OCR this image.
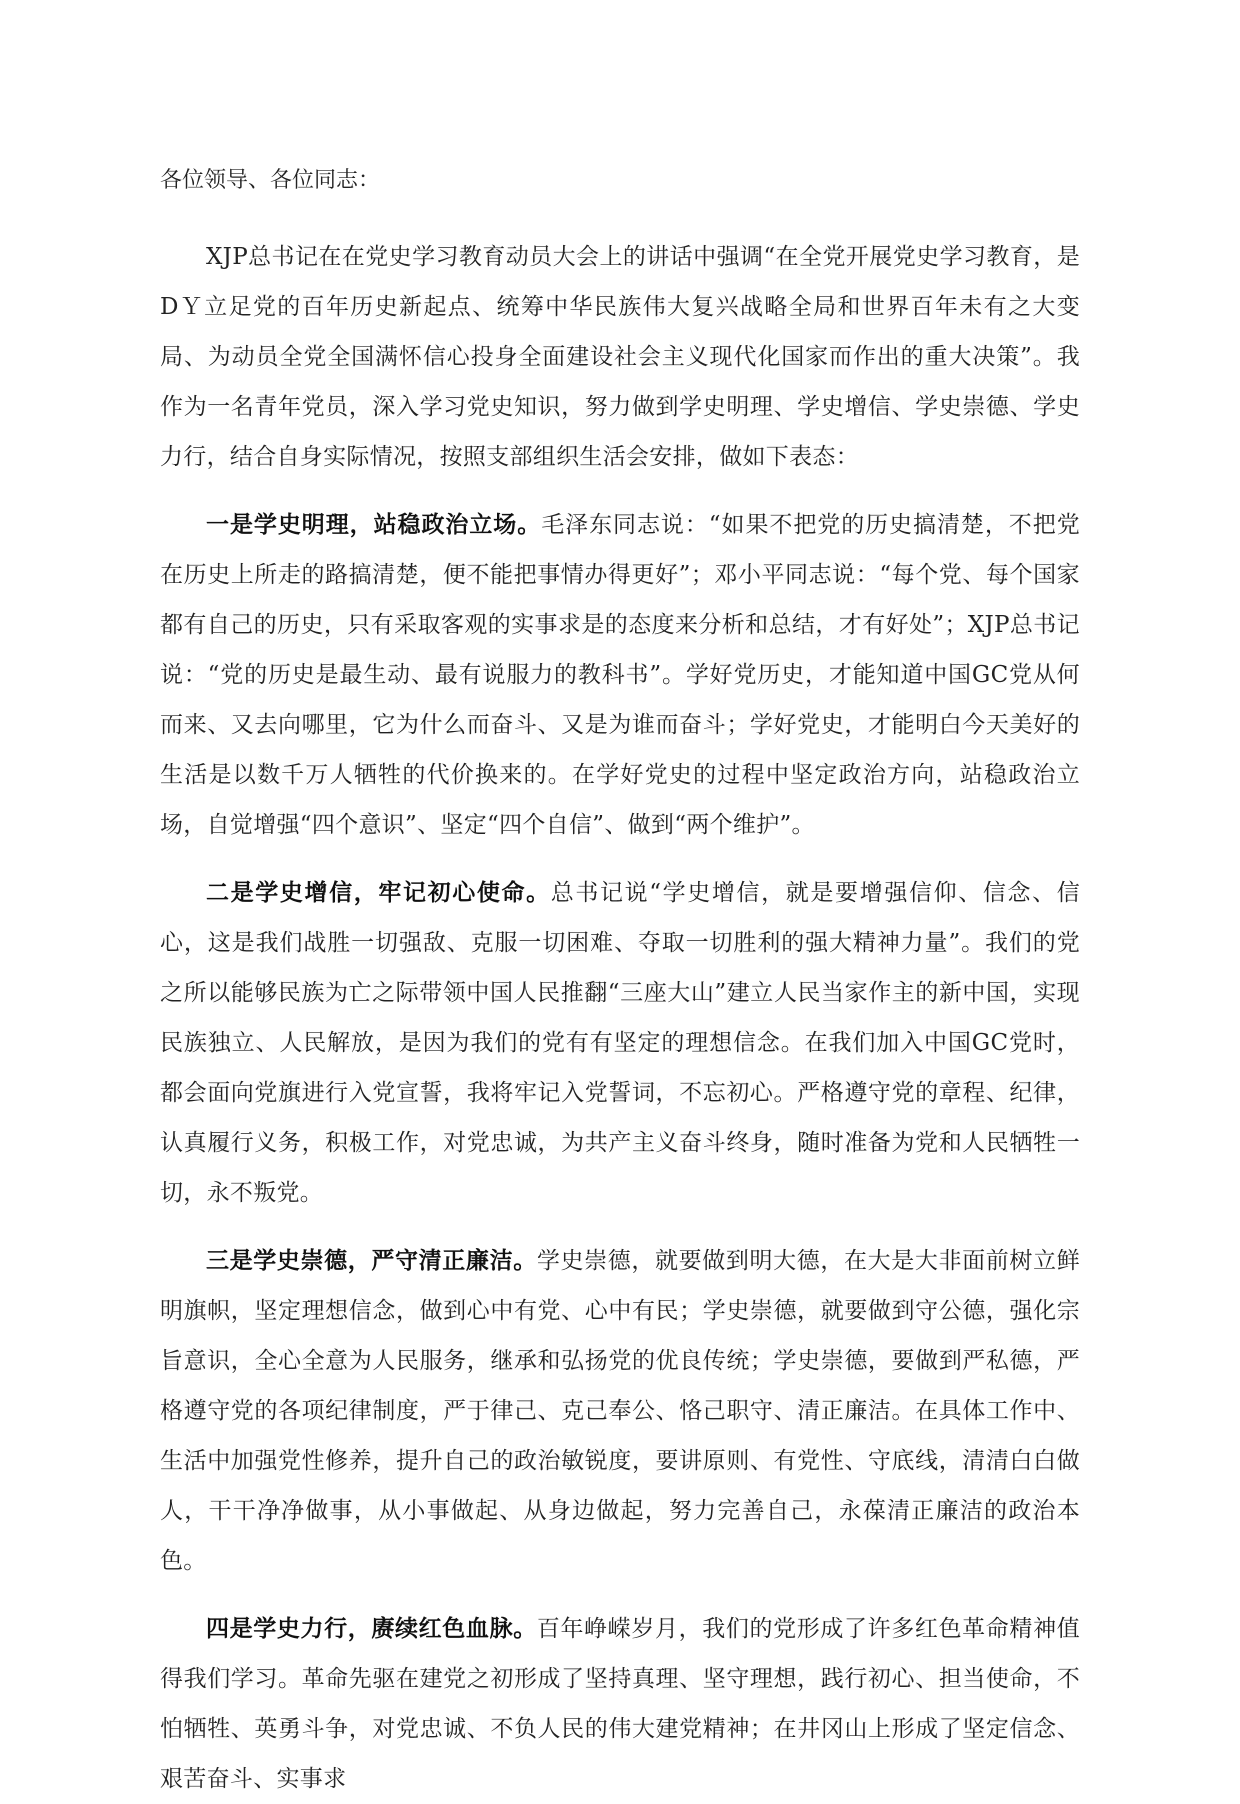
各位领导、各位同志：

XJP总书记在在党史学习教育动员大会上的讲话中强调“在全党开展党史学习教育，是DＹ立足党的百年历史新起点、统筹中华民族伟大复兴战略全局和世界百年未有之大变局、为动员全党全国满怀信心投身全面建设社会主义现代化国家而作出的重大决策”。我作为一名青年党员，深入学习党史知识，努力做到学史明理、学史增信、学史崇德、学史力行，结合自身实际情况，按照支部组织生活会安排，做如下表态：

一是学史明理，站稳政治立场。毛泽东同志说：“如果不把党的历史搞清楚，不把党在历史上所走的路搞清楚，便不能把事情办得更好”；邓小平同志说：“每个党、每个国家都有自己的历史，只有采取客观的实事求是的态度来分析和总结，才有好处”；XJP总书记说：“党的历史是最生动、最有说服力的教科书”。学好党历史，才能知道中国GC党从何而来、又去向哪里，它为什么而奋斗、又是为谁而奋斗；学好党史，才能明白今天美好的生活是以数千万人牺牲的代价换来的。在学好党史的过程中坚定政治方向，站稳政治立场，自觉增强“四个意识”、坚定“四个自信”、做到“两个维护”。

二是学史增信，牢记初心使命。总书记说“学史增信，就是要增强信仰、信念、信心，这是我们战胜一切强敌、克服一切困难、夺取一切胜利的强大精神力量”。我们的党之所以能够民族为亡之际带领中国人民推翻“三座大山”建立人民当家作主的新中国，实现民族独立、人民解放，是因为我们的党有有坚定的理想信念。在我们加入中国GC党时，都会面向党旗进行入党宣誓，我将牢记入党誓词，不忘初心。严格遵守党的章程、纪律，认真履行义务，积极工作，对党忠诚，为共产主义奋斗终身，随时准备为党和人民牺牲一切，永不叛党。

三是学史崇德，严守清正廉洁。学史崇德，就要做到明大德，在大是大非面前树立鲜明旗帜，坚定理想信念，做到心中有党、心中有民；学史崇德，就要做到守公德，强化宗旨意识，全心全意为人民服务，继承和弘扬党的优良传统；学史崇德，要做到严私德，严格遵守党的各项纪律制度，严于律己、克己奉公、恪己职守、清正廉洁。在具体工作中、生活中加强党性修养，提升自己的政治敏锐度，要讲原则、有党性、守底线，清清白白做人，干干净净做事，从小事做起、从身边做起，努力完善自己，永葆清正廉洁的政治本色。

四是学史力行，赓续红色血脉。百年峥嵘岁月，我们的党形成了许多红色革命精神值得我们学习。革命先驱在建党之初形成了坚持真理、坚守理想，践行初心、担当使命，不怕牺牲、英勇斗争，对党忠诚、不负人民的伟大建党精神；在井冈山上形成了坚定信念、艰苦奋斗、实事求
